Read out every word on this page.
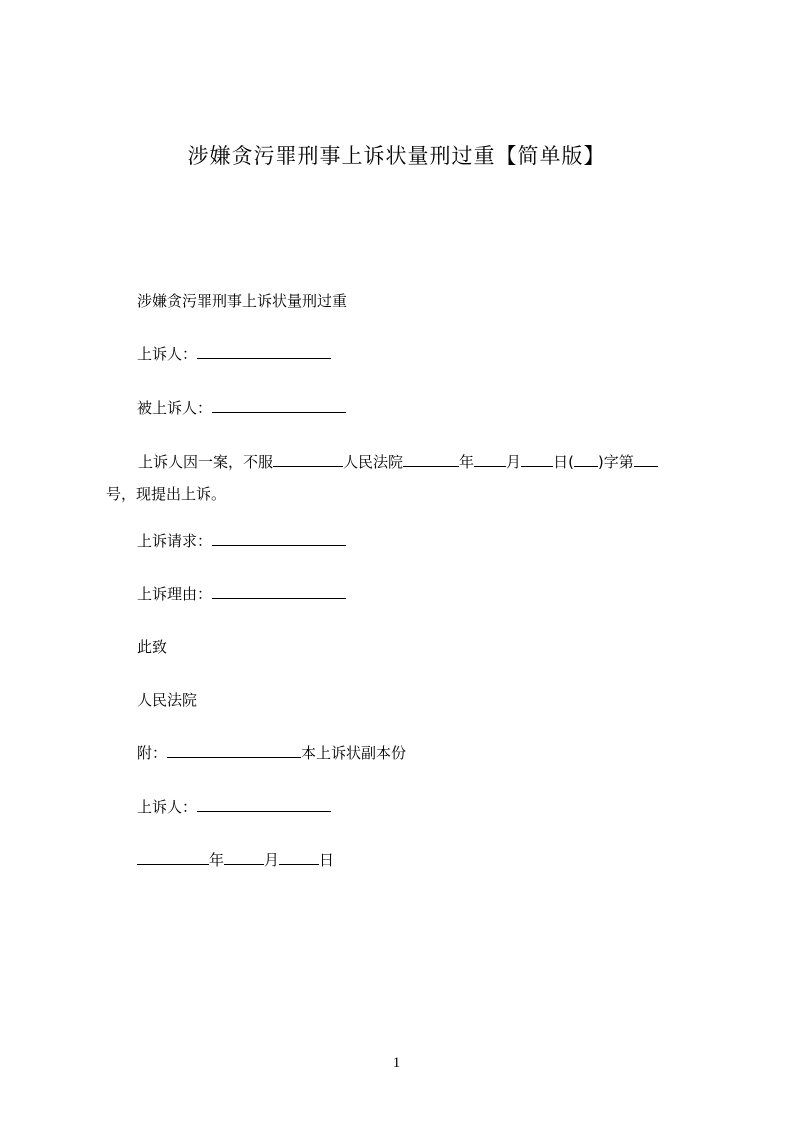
涉嫌贪污罪刑事上诉状量刑过重【简单版】
涉嫌贪污罪刑事上诉状量刑过重
上诉人：
被上诉人：
上诉人因一案，不服	人民法院	年 月 日( )字第
号，现提出上诉。
上诉请求：
上诉理由：
此致
人民法院
附：	本上诉状副本份
上诉人：
年	月	日
1
